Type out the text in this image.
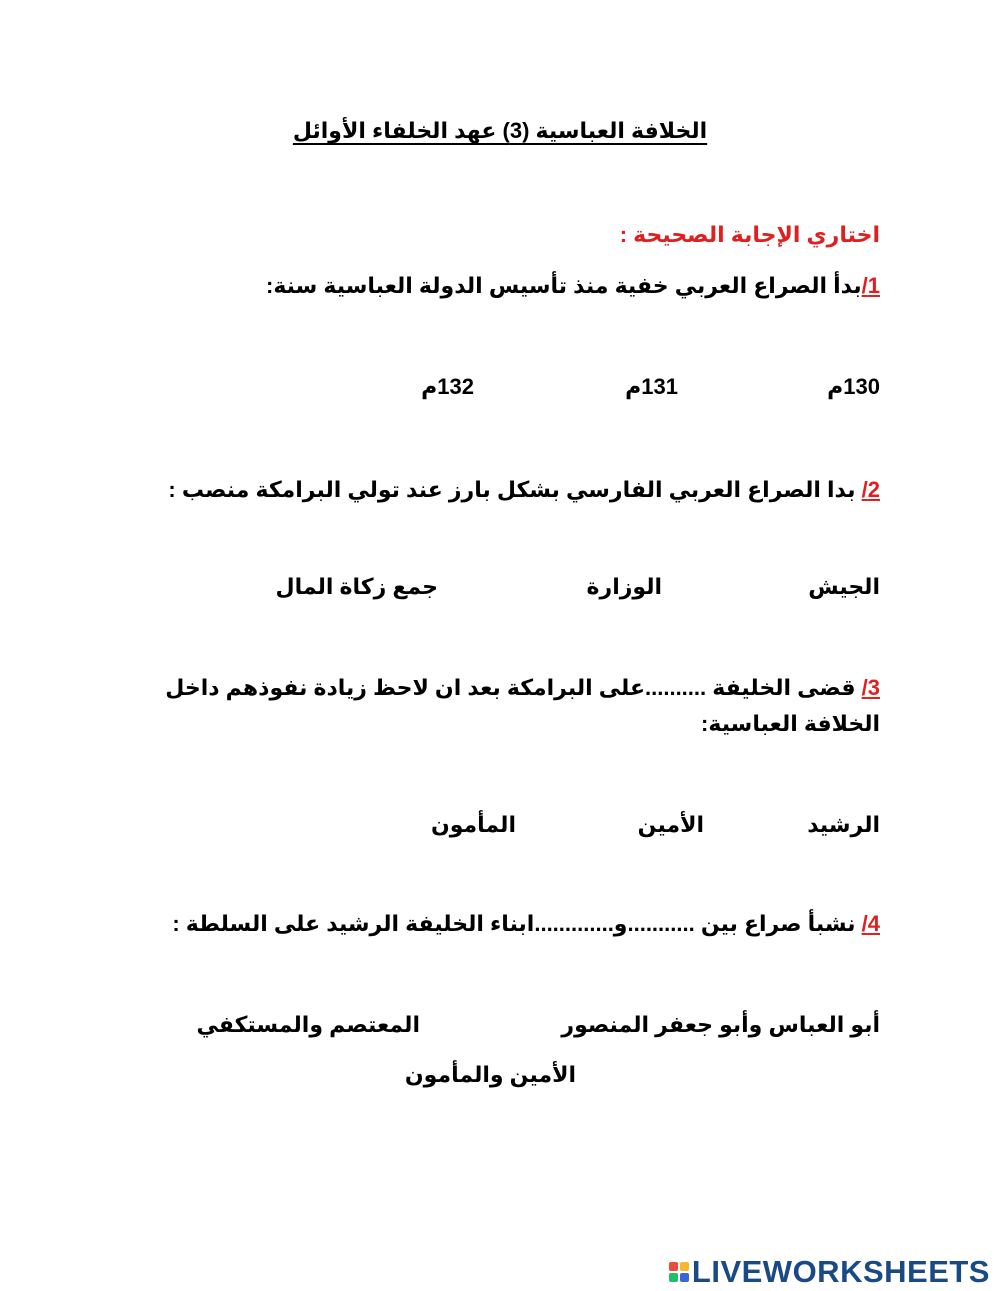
الخلافة العباسية (3) عهد الخلفاء الأوائل
اختاري الإجابة الصحيحة :
1/بدأ الصراع العربي خفية منذ تأسيس الدولة العباسية سنة:
130م
131م
132م
2/ بدا الصراع العربي الفارسي بشكل بارز عند تولي البرامكة منصب :
الجيش
الوزارة
جمع زكاة المال
3/ قضى الخليفة ..........على البرامكة بعد ان لاحظ زيادة نفوذهم داخل الخلافة العباسية:
الرشيد
الأمين
المأمون
4/ نشبأ صراع بين ...........و.............ابناء الخليفة الرشيد على السلطة :
أبو العباس وأبو جعفر المنصور
المعتصم والمستكفي
الأمين والمأمون
LIVEWORKSHEETS
